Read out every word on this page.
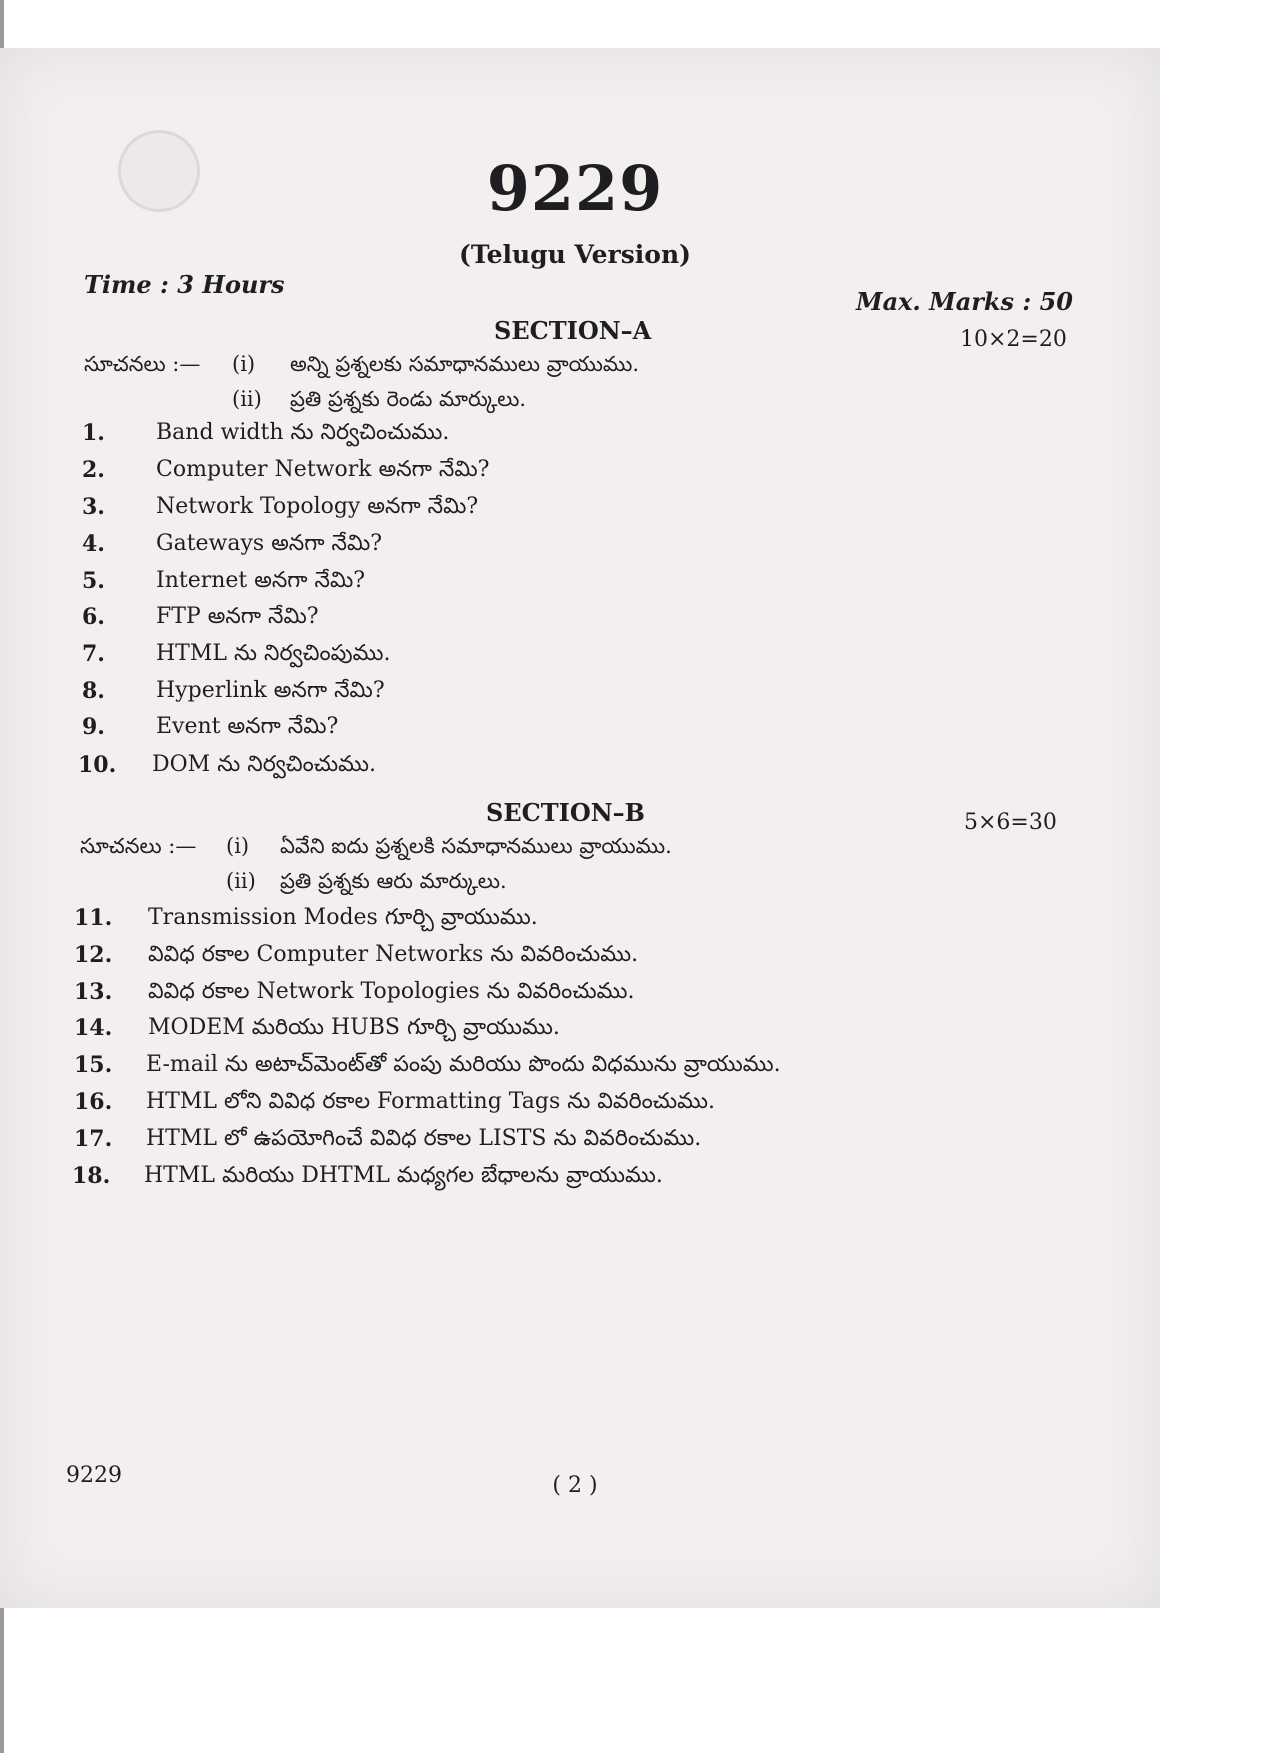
9229
(Telugu Version)
Time : 3 Hours
Max. Marks : 50
SECTION–A	10×2=20
సూచనలు :— (i) అన్ని ప్రశ్నలకు సమాధానములు వ్రాయుము.
(ii) ప్రతి ప్రశ్నకు రెండు మార్కులు.
1. Band width ను నిర్వచించుము.
2. Computer Network అనగా నేమి?
3. Network Topology అనగా నేమి?
4. Gateways అనగా నేమి?
5. Internet అనగా నేమి?
6. FTP అనగా నేమి?
7. HTML ను నిర్వచింపుము.
8. Hyperlink అనగా నేమి?
9. Event అనగా నేమి?
10. DOM ను నిర్వచించుము.
SECTION–B	5×6=30
సూచనలు :— (i) ఏవేని ఐదు ప్రశ్నలకి సమాధానములు వ్రాయుము.
(ii) ప్రతి ప్రశ్నకు ఆరు మార్కులు.
11. Transmission Modes గూర్చి వ్రాయుము.
12. వివిధ రకాల Computer Networks ను వివరించుము.
13. వివిధ రకాల Network Topologies ను వివరించుము.
14. MODEM మరియు HUBS గూర్చి వ్రాయుము.
15. E-mail ను అటాచ్‌మెంట్‌తో పంపు మరియు పొందు విధమును వ్రాయుము.
16. HTML లోని వివిధ రకాల Formatting Tags ను వివరించుము.
17. HTML లో ఉపయోగించే వివిధ రకాల LISTS ను వివరించుము.
18. HTML మరియు DHTML మధ్యగల బేధాలను వ్రాయుము.
9229	( 2 )
